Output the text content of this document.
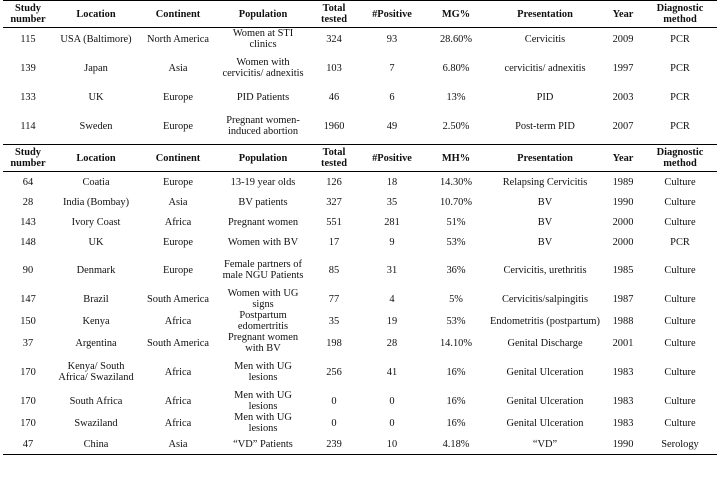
Study number	Location	Continent	Population	Total tested	#Positive	MG%	Presentation	Year	Diagnostic method
115	USA (Baltimore)	North America	Women at STI clinics	324	93	28.60%	Cervicitis	2009	PCR
139	Japan	Asia	Women with cervicitis/ adnexitis	103	7	6.80%	cervicitis/ adnexitis	1997	PCR
133	UK	Europe	PID Patients	46	6	13%	PID	2003	PCR
114	Sweden	Europe	Pregnant women-induced abortion	1960	49	2.50%	Post-term PID	2007	PCR
Study number	Location	Continent	Population	Total tested	#Positive	MH%	Presentation	Year	Diagnostic method
64	Coatia	Europe	13-19 year olds	126	18	14.30%	Relapsing Cervicitis	1989	Culture
28	India (Bombay)	Asia	BV patients	327	35	10.70%	BV	1990	Culture
143	Ivory Coast	Africa	Pregnant women	551	281	51%	BV	2000	Culture
148	UK	Europe	Women with BV	17	9	53%	BV	2000	PCR
90	Denmark	Europe	Female partners of male NGU Patients	85	31	36%	Cervicitis, urethritis	1985	Culture
147	Brazil	South America	Women with UG signs	77	4	5%	Cervicitis/salpingitis	1987	Culture
150	Kenya	Africa	Postpartum edomertritis	35	19	53%	Endometritis (postpartum)	1988	Culture
37	Argentina	South America	Pregnant women with BV	198	28	14.10%	Genital Discharge	2001	Culture
170	Kenya/ South Africa/ Swaziland	Africa	Men with UG lesions	256	41	16%	Genital Ulceration	1983	Culture
170	South Africa	Africa	Men with UG lesions	0	0	16%	Genital Ulceration	1983	Culture
170	Swaziland	Africa	Men with UG lesions	0	0	16%	Genital Ulceration	1983	Culture
47	China	Asia	“VD” Patients	239	10	4.18%	“VD”	1990	Serology
